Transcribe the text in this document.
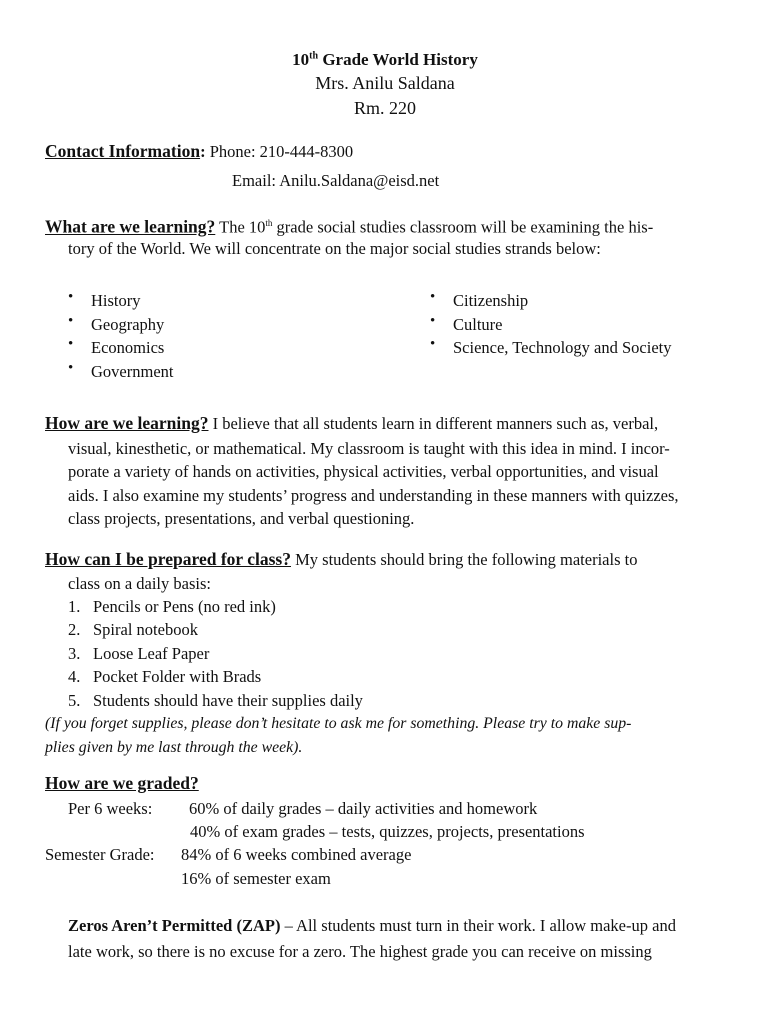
10th Grade World History
Mrs. Anilu Saldana
Rm. 220
Contact Information: Phone: 210-444-8300
Email: Anilu.Saldana@eisd.net
What are we learning? The 10th grade social studies classroom will be examining the his-
tory of the World. We will concentrate on the major social studies strands below:
• History
• Geography
• Economics
• Government
• Citizenship
• Culture
• Science, Technology and Society
How are we learning? I believe that all students learn in different manners such as, verbal,
visual, kinesthetic, or mathematical. My classroom is taught with this idea in mind. I incor-
porate a variety of hands on activities, physical activities, verbal opportunities, and visual
aids. I also examine my students’ progress and understanding in these manners with quizzes,
class projects, presentations, and verbal questioning.
How can I be prepared for class? My students should bring the following materials to
class on a daily basis:
1. Pencils or Pens (no red ink)
2. Spiral notebook
3. Loose Leaf Paper
4. Pocket Folder with Brads
5. Students should have their supplies daily
(If you forget supplies, please don’t hesitate to ask me for something. Please try to make sup-
plies given by me last through the week).
How are we graded?
Per 6 weeks: 60% of daily grades – daily activities and homework
40% of exam grades – tests, quizzes, projects, presentations
Semester Grade: 84% of 6 weeks combined average
16% of semester exam
Zeros Aren’t Permitted (ZAP) – All students must turn in their work. I allow make-up and
late work, so there is no excuse for a zero. The highest grade you can receive on missing
